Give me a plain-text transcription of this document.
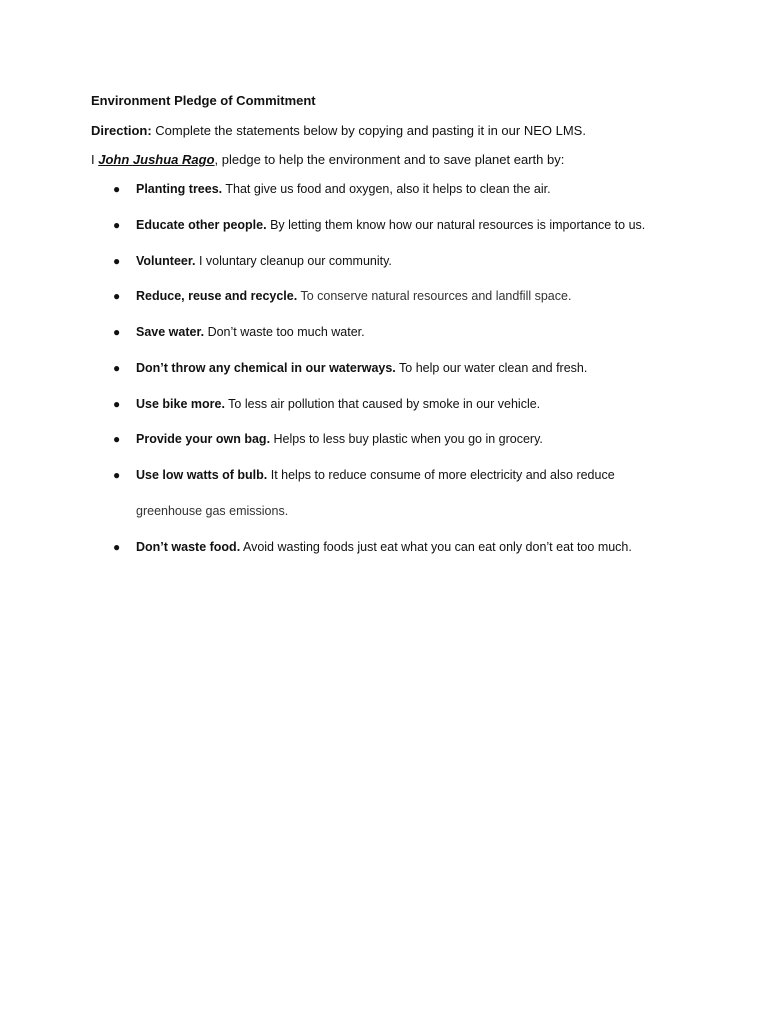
Environment Pledge of Commitment
Direction: Complete the statements below by copying and pasting it in our NEO LMS.
I John Jushua Rago, pledge to help the environment and to save planet earth by:
●	Planting trees. That give us food and oxygen, also it helps to clean the air.
●	Educate other people. By letting them know how our natural resources is importance to us.
●	Volunteer. I voluntary cleanup our community.
●	Reduce, reuse and recycle. To conserve natural resources and landfill space.
●	Save water. Don’t waste too much water.
●	Don’t throw any chemical in our waterways. To help our water clean and fresh.
●	Use bike more. To less air pollution that caused by smoke in our vehicle.
●	Provide your own bag. Helps to less buy plastic when you go in grocery.
●	Use low watts of bulb. It helps to reduce consume of more electricity and also reduce
greenhouse gas emissions.
●	Don’t waste food. Avoid wasting foods just eat what you can eat only don’t eat too much.
